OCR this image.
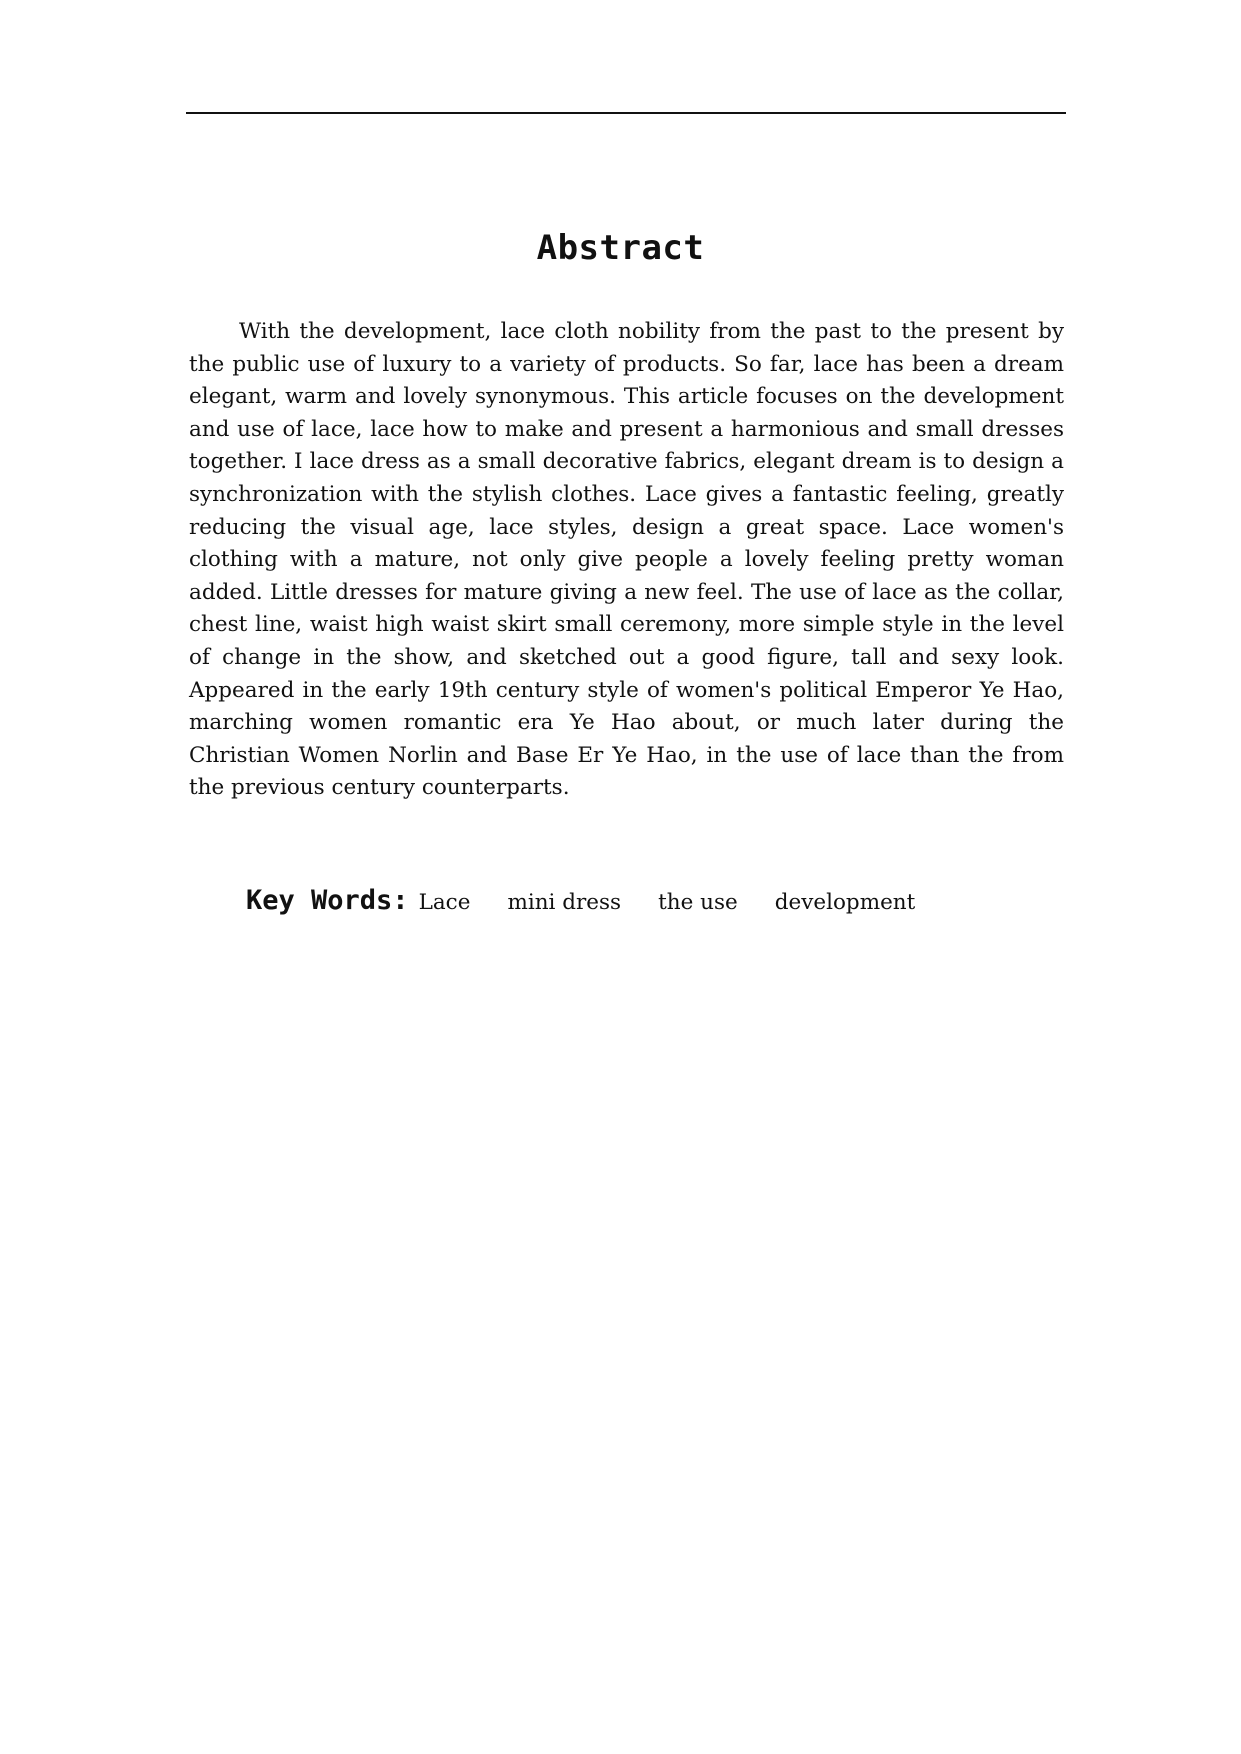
Abstract

With the development, lace cloth nobility from the past to the present by the public use of luxury to a variety of products. So far, lace has been a dream elegant, warm and lovely synonymous. This article focuses on the development and use of lace, lace how to make and present a harmonious and small dresses together. I lace dress as a small decorative fabrics, elegant dream is to design a synchronization with the stylish clothes. Lace gives a fantastic feeling, greatly reducing the visual age, lace styles, design a great space. Lace women's clothing with a mature, not only give people a lovely feeling pretty woman added. Little dresses for mature giving a new feel. The use of lace as the collar, chest line, waist high waist skirt small ceremony, more simple style in the level of change in the show, and sketched out a good figure, tall and sexy look. Appeared in the early 19th century style of women's political Emperor Ye Hao, marching women romantic era Ye Hao about, or much later during the Christian Women Norlin and Base Er Ye Hao, in the use of lace than the from the previous century counterparts.

Key Words: Lace mini dress the use development
